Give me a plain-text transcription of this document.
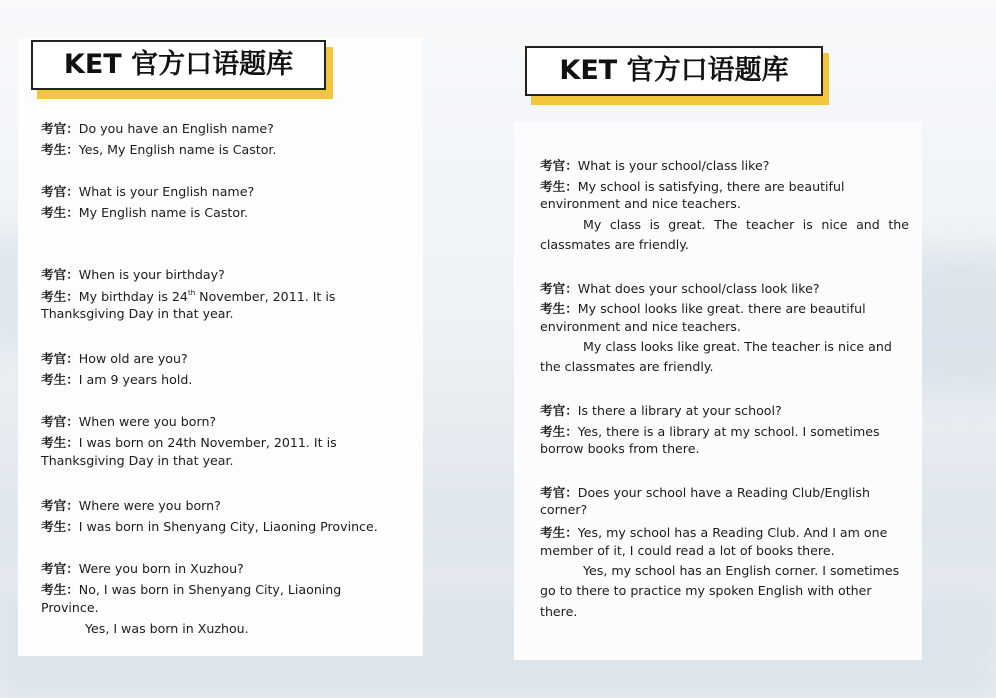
KET 官方口语题库
考官：Do you have an English name?
考生：Yes, My English name is Castor.
考官：What is your English name?
考生：My English name is Castor.
考官：When is your birthday?
考生：My birthday is 24th November, 2011. It is
Thanksgiving Day in that year.
考官：How old are you?
考生：I am 9 years hold.
考官：When were you born?
考生：I was born on 24th November, 2011. It is
Thanksgiving Day in that year.
考官：Where were you born?
考生：I was born in Shenyang City, Liaoning Province.
考官：Were you born in Xuzhou?
考生：No, I was born in Shenyang City, Liaoning
Province.
Yes, I was born in Xuzhou.
KET 官方口语题库
考官：What is your school/class like?
考生：My school is satisfying, there are beautiful
environment and nice teachers.
My class is great. The teacher is nice and the
classmates are friendly.
考官：What does your school/class look like?
考生：My school looks like great. there are beautiful
environment and nice teachers.
My class looks like great. The teacher is nice and
the classmates are friendly.
考官：Is there a library at your school?
考生：Yes, there is a library at my school. I sometimes
borrow books from there.
考官：Does your school have a Reading Club/English
corner?
考生：Yes, my school has a Reading Club. And I am one
member of it, I could read a lot of books there.
Yes, my school has an English corner. I sometimes
go to there to practice my spoken English with other
there.
